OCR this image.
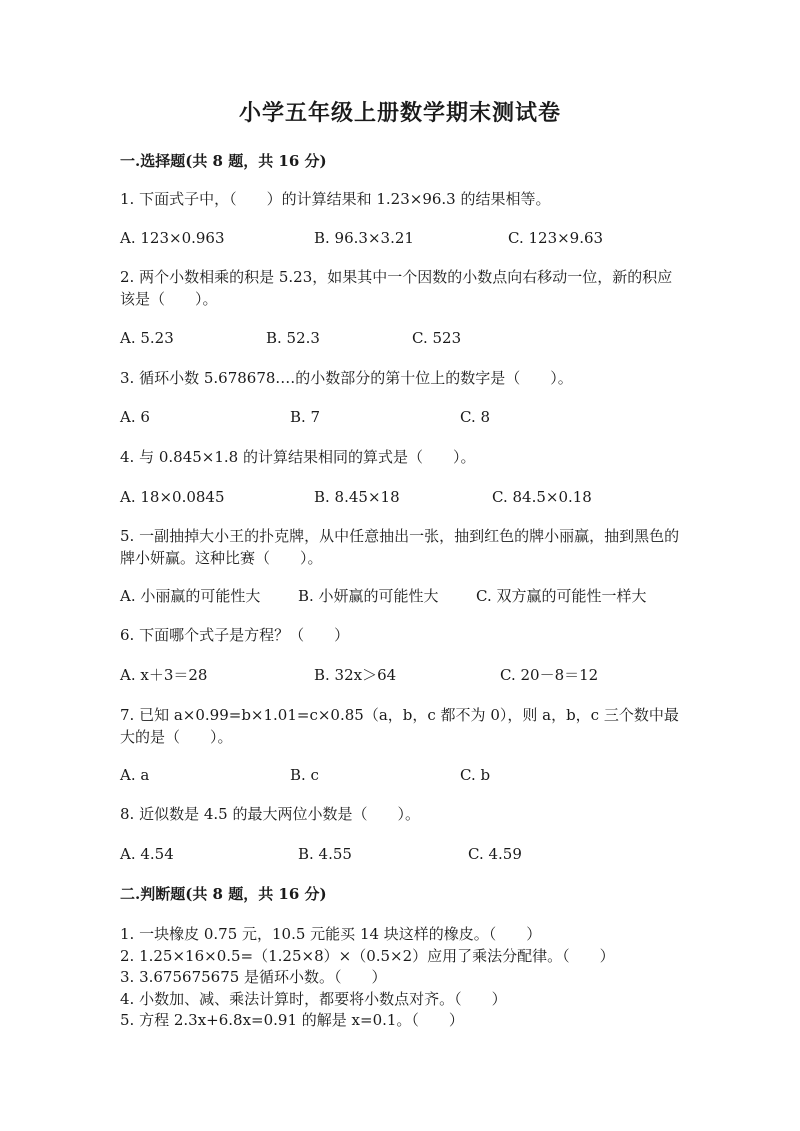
小学五年级上册数学期末测试卷
一.选择题(共 8 题，共 16 分)
1. 下面式子中，（　　）的计算结果和 1.23×96.3 的结果相等。
A. 123×0.963	B. 96.3×3.21	C. 123×9.63
2. 两个小数相乘的积是 5.23，如果其中一个因数的小数点向右移动一位，新的积应该是（　　）。
A. 5.23	B. 52.3	C. 523
3. 循环小数 5.678678.…的小数部分的第十位上的数字是（　　）。
A. 6	B. 7	C. 8
4. 与 0.845×1.8 的计算结果相同的算式是（　　）。
A. 18×0.0845	B. 8.45×18	C. 84.5×0.18
5. 一副抽掉大小王的扑克牌，从中任意抽出一张，抽到红色的牌小丽赢，抽到黑色的牌小妍赢。这种比赛（　　）。
A. 小丽赢的可能性大	B. 小妍赢的可能性大 C. 双方赢的可能性一样大
6. 下面哪个式子是方程？（　　）
A. x＋3＝28	B. 32x＞64	C. 20－8＝12
7. 已知 a×0.99=b×1.01=c×0.85（a，b，c 都不为 0），则 a，b，c 三个数中最大的是（　　）。
A. a	B. c	C. b
8. 近似数是 4.5 的最大两位小数是（　　）。
A. 4.54	B. 4.55	C. 4.59
二.判断题(共 8 题，共 16 分)
1. 一块橡皮 0.75 元，10.5 元能买 14 块这样的橡皮。（　　）
2. 1.25×16×0.5=（1.25×8）×（0.5×2）应用了乘法分配律。（　　）
3. 3.675675675 是循环小数。（　　）
4. 小数加、减、乘法计算时，都要将小数点对齐。（　　）
5. 方程 2.3x+6.8x=0.91 的解是 x=0.1。（　　）
